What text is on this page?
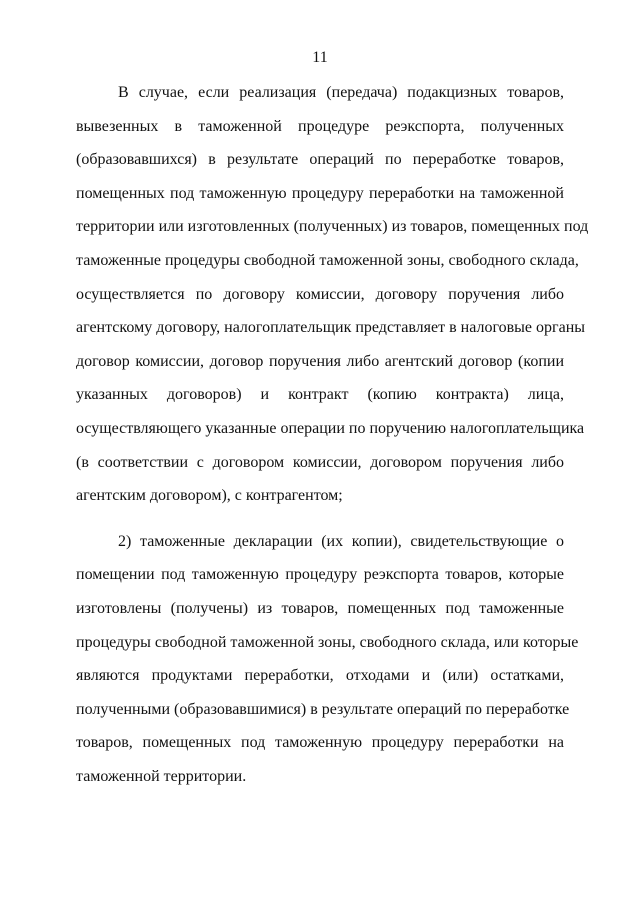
11

В случае, если реализация (передача) подакцизных товаров,
вывезенных в таможенной процедуре реэкспорта, полученных
(образовавшихся) в результате операций по переработке товаров,
помещенных под таможенную процедуру переработки на таможенной
территории или изготовленных (полученных) из товаров, помещенных под
таможенные процедуры свободной таможенной зоны, свободного склада,
осуществляется по договору комиссии, договору поручения либо
агентскому договору, налогоплательщик представляет в налоговые органы
договор комиссии, договор поручения либо агентский договор (копии
указанных договоров) и контракт (копию контракта) лица,
осуществляющего указанные операции по поручению налогоплательщика
(в соответствии с договором комиссии, договором поручения либо
агентским договором), с контрагентом;

2) таможенные декларации (их копии), свидетельствующие о
помещении под таможенную процедуру реэкспорта товаров, которые
изготовлены (получены) из товаров, помещенных под таможенные
процедуры свободной таможенной зоны, свободного склада, или которые
являются продуктами переработки, отходами и (или) остатками,
полученными (образовавшимися) в результате операций по переработке
товаров, помещенных под таможенную процедуру переработки на
таможенной территории.
